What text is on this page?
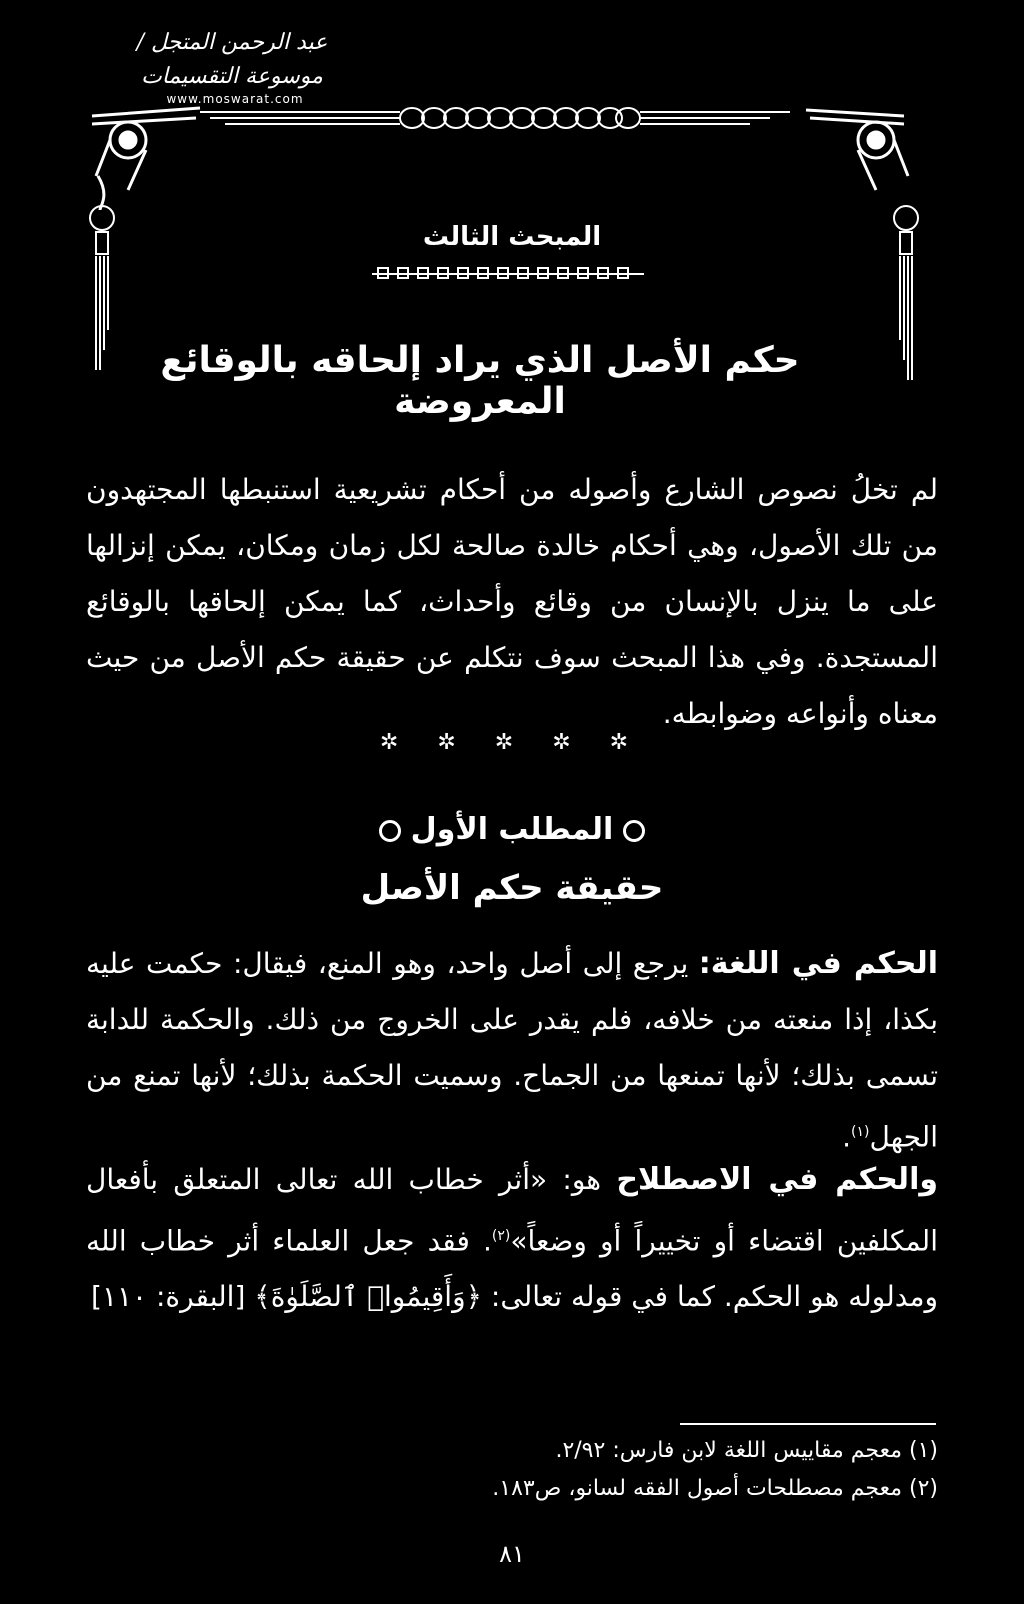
عبد الرحمن المتجل / موسوعة التقسيمات
www.moswarat.com
المبحث الثالث
حكم الأصل الذي يراد إلحاقه بالوقائع المعروضة
لم تخلُ نصوص الشارع وأصوله من أحكام تشريعية استنبطها المجتهدون من تلك الأصول، وهي أحكام خالدة صالحة لكل زمان ومكان، يمكن إنزالها على ما ينزل بالإنسان من وقائع وأحداث، كما يمكن إلحاقها بالوقائع المستجدة. وفي هذا المبحث سوف نتكلم عن حقيقة حكم الأصل من حيث معناه وأنواعه وضوابطه.
✲ ✲ ✲ ✲ ✲
المطلب الأول
حقيقة حكم الأصل
الحكم في اللغة: يرجع إلى أصل واحد، وهو المنع، فيقال: حكمت عليه بكذا، إذا منعته من خلافه، فلم يقدر على الخروج من ذلك. والحكمة للدابة تسمى بذلك؛ لأنها تمنعها من الجماح. وسميت الحكمة بذلك؛ لأنها تمنع من الجهل$^{(١)}$.
والحكم في الاصطلاح هو: «أثر خطاب الله تعالى المتعلق بأفعال المكلفين اقتضاء أو تخييراً أو وضعاً»$^{(٢)}$. فقد جعل العلماء أثر خطاب الله ومدلوله هو الحكم. كما في قوله تعالى: ﴿وَأَقِيمُوا۟ ٱلصَّلَوٰةَ﴾ [البقرة: ١١٠]
(١) معجم مقاييس اللغة لابن فارس: ٢/٩٢.
(٢) معجم مصطلحات أصول الفقه لسانو، ص١٨٣.
٨١
